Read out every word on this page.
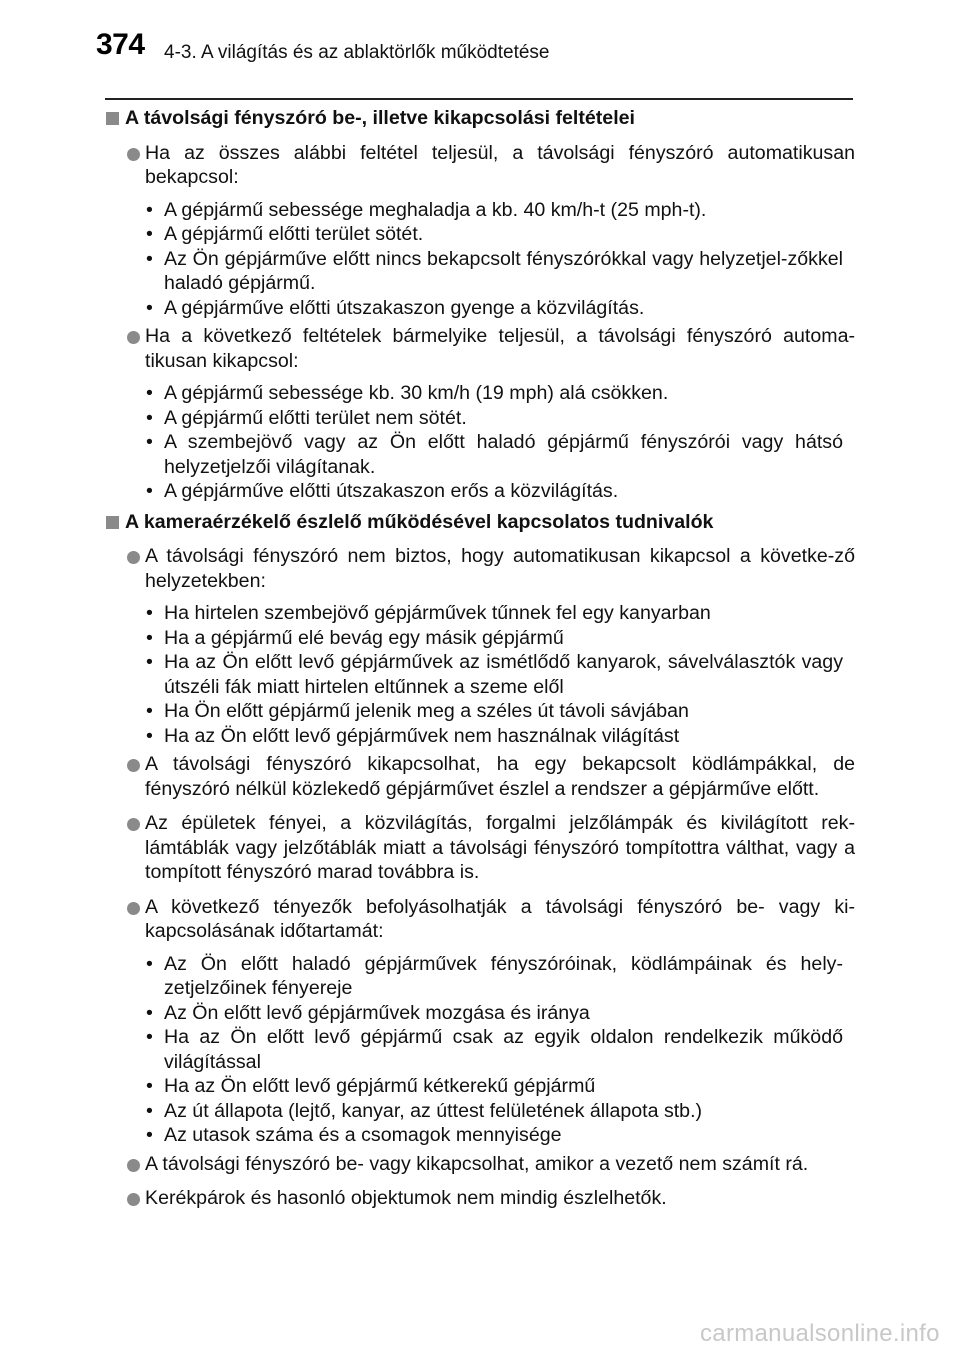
374 4-3. A világítás és az ablaktörlők működtetése
A távolsági fényszóró be-, illetve kikapcsolási feltételei
Ha az összes alábbi feltétel teljesül, a távolsági fényszóró automatikusan bekapcsol:
• A gépjármű sebessége meghaladja a kb. 40 km/h-t (25 mph-t).
• A gépjármű előtti terület sötét.
• Az Ön gépjárműve előtt nincs bekapcsolt fényszórókkal vagy helyzetjel-zőkkel haladó gépjármű.
• A gépjárműve előtti útszakaszon gyenge a közvilágítás.
Ha a következő feltételek bármelyike teljesül, a távolsági fényszóró automa-tikusan kikapcsol:
• A gépjármű sebessége kb. 30 km/h (19 mph) alá csökken.
• A gépjármű előtti terület nem sötét.
• A szembejövő vagy az Ön előtt haladó gépjármű fényszórói vagy hátsó helyzetjelzői világítanak.
• A gépjárműve előtti útszakaszon erős a közvilágítás.
A kameraérzékelő észlelő működésével kapcsolatos tudnivalók
A távolsági fényszóró nem biztos, hogy automatikusan kikapcsol a követke-ző helyzetekben:
• Ha hirtelen szembejövő gépjárművek tűnnek fel egy kanyarban
• Ha a gépjármű elé bevág egy másik gépjármű
• Ha az Ön előtt levő gépjárművek az ismétlődő kanyarok, sávelválasztók vagy útszéli fák miatt hirtelen eltűnnek a szeme elől
• Ha Ön előtt gépjármű jelenik meg a széles út távoli sávjában
• Ha az Ön előtt levő gépjárművek nem használnak világítást
A távolsági fényszóró kikapcsolhat, ha egy bekapcsolt ködlámpákkal, de fényszóró nélkül közlekedő gépjárművet észlel a rendszer a gépjárműve előtt.
Az épületek fényei, a közvilágítás, forgalmi jelzőlámpák és kivilágított rek-lámtáblák vagy jelzőtáblák miatt a távolsági fényszóró tompítottra válthat, vagy a tompított fényszóró marad továbbra is.
A következő tényezők befolyásolhatják a távolsági fényszóró be- vagy ki-kapcsolásának időtartamát:
• Az Ön előtt haladó gépjárművek fényszóróinak, ködlámpáinak és hely-zetjelzőinek fényereje
• Az Ön előtt levő gépjárművek mozgása és iránya
• Ha az Ön előtt levő gépjármű csak az egyik oldalon rendelkezik működő világítással
• Ha az Ön előtt levő gépjármű kétkerekű gépjármű
• Az út állapota (lejtő, kanyar, az úttest felületének állapota stb.)
• Az utasok száma és a csomagok mennyisége
A távolsági fényszóró be- vagy kikapcsolhat, amikor a vezető nem számít rá.
Kerékpárok és hasonló objektumok nem mindig észlelhetők.
carmanualsonline.info
